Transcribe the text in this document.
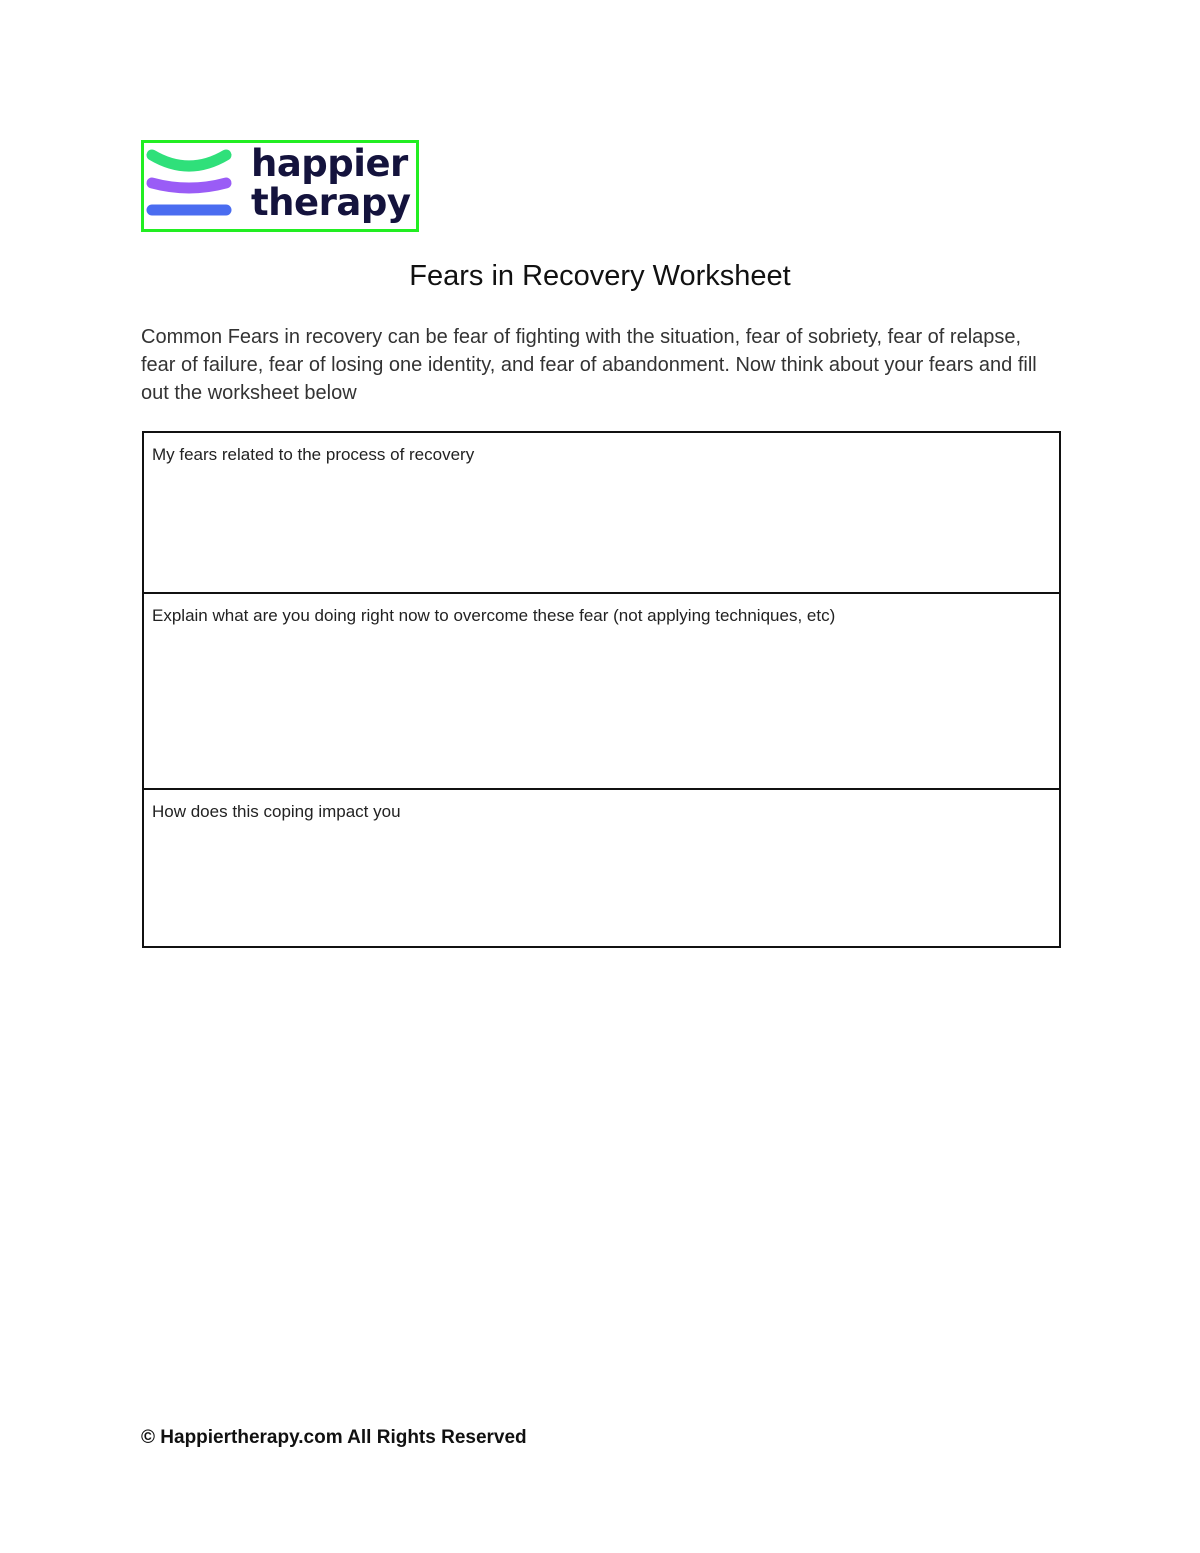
happier
therapy
Fears in Recovery Worksheet

Common Fears in recovery can be fear of fighting with the situation, fear of sobriety, fear of relapse, fear of failure, fear of losing one identity, and fear of abandonment. Now think about your fears and fill out the worksheet below

My fears related to the process of recovery
Explain what are you doing right now to overcome these fear (not applying techniques, etc)
How does this coping impact you
© Happiertherapy.com All Rights Reserved
